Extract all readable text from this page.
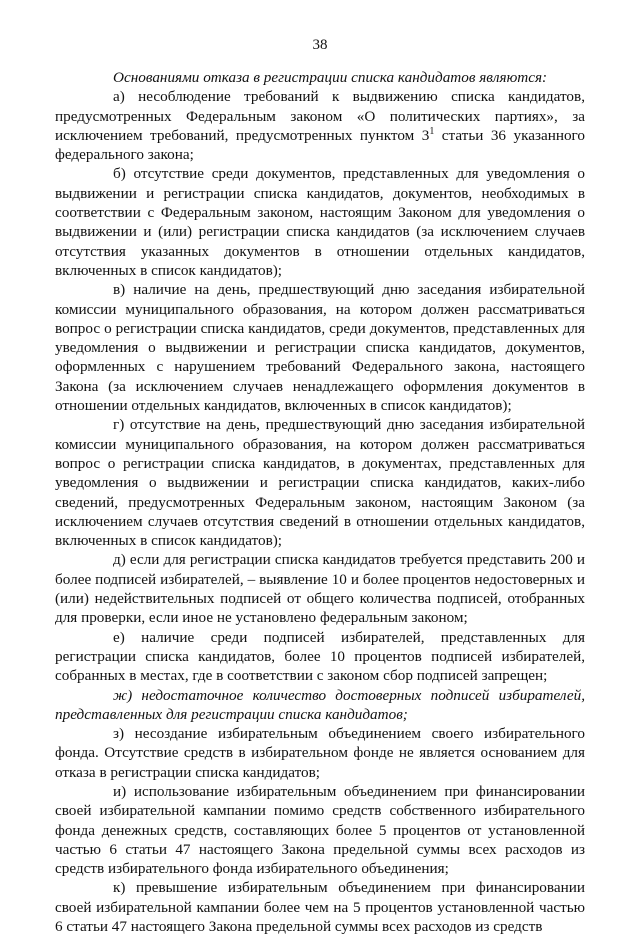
38

Основаниями отказа в регистрации списка кандидатов являются:

а) несоблюдение требований к выдвижению списка кандидатов, предусмотренных Федеральным законом «О политических партиях», за исключением требований, предусмотренных пунктом $3^1$ статьи 36 указанного федерального закона;

б) отсутствие среди документов, представленных для уведомления о выдвижении и регистрации списка кандидатов, документов, необходимых в соответствии с Федеральным законом, настоящим Законом для уведомления о выдвижении и (или) регистрации списка кандидатов (за исключением случаев отсутствия указанных документов в отношении отдельных кандидатов, включенных в список кандидатов);

в) наличие на день, предшествующий дню заседания избирательной комиссии муниципального образования, на котором должен рассматриваться вопрос о регистрации списка кандидатов, среди документов, представленных для уведомления о выдвижении и регистрации списка кандидатов, документов, оформленных с нарушением требований Федерального закона, настоящего Закона (за исключением случаев ненадлежащего оформления документов в отношении отдельных кандидатов, включенных в список кандидатов);

г) отсутствие на день, предшествующий дню заседания избирательной комиссии муниципального образования, на котором должен рассматриваться вопрос о регистрации списка кандидатов, в документах, представленных для уведомления о выдвижении и регистрации списка кандидатов, каких-либо сведений, предусмотренных Федеральным законом, настоящим Законом (за исключением случаев отсутствия сведений в отношении отдельных кандидатов, включенных в список кандидатов);

д) если для регистрации списка кандидатов требуется представить 200 и более подписей избирателей, – выявление 10 и более процентов недостоверных и (или) недействительных подписей от общего количества подписей, отобранных для проверки, если иное не установлено федеральным законом;

е) наличие среди подписей избирателей, представленных для регистрации списка кандидатов, более 10 процентов подписей избирателей, собранных в местах, где в соответствии с законом сбор подписей запрещен;

ж) недостаточное количество достоверных подписей избирателей, представленных для регистрации списка кандидатов;

з) несоздание избирательным объединением своего избирательного фонда. Отсутствие средств в избирательном фонде не является основанием для отказа в регистрации списка кандидатов;

и) использование избирательным объединением при финансировании своей избирательной кампании помимо средств собственного избирательного фонда денежных средств, составляющих более 5 процентов от установленной частью 6 статьи 47 настоящего Закона предельной суммы всех расходов из средств избирательного фонда избирательного объединения;

к) превышение избирательным объединением при финансировании своей избирательной кампании более чем на 5 процентов установленной частью 6 статьи 47 настоящего Закона предельной суммы всех расходов из средств
